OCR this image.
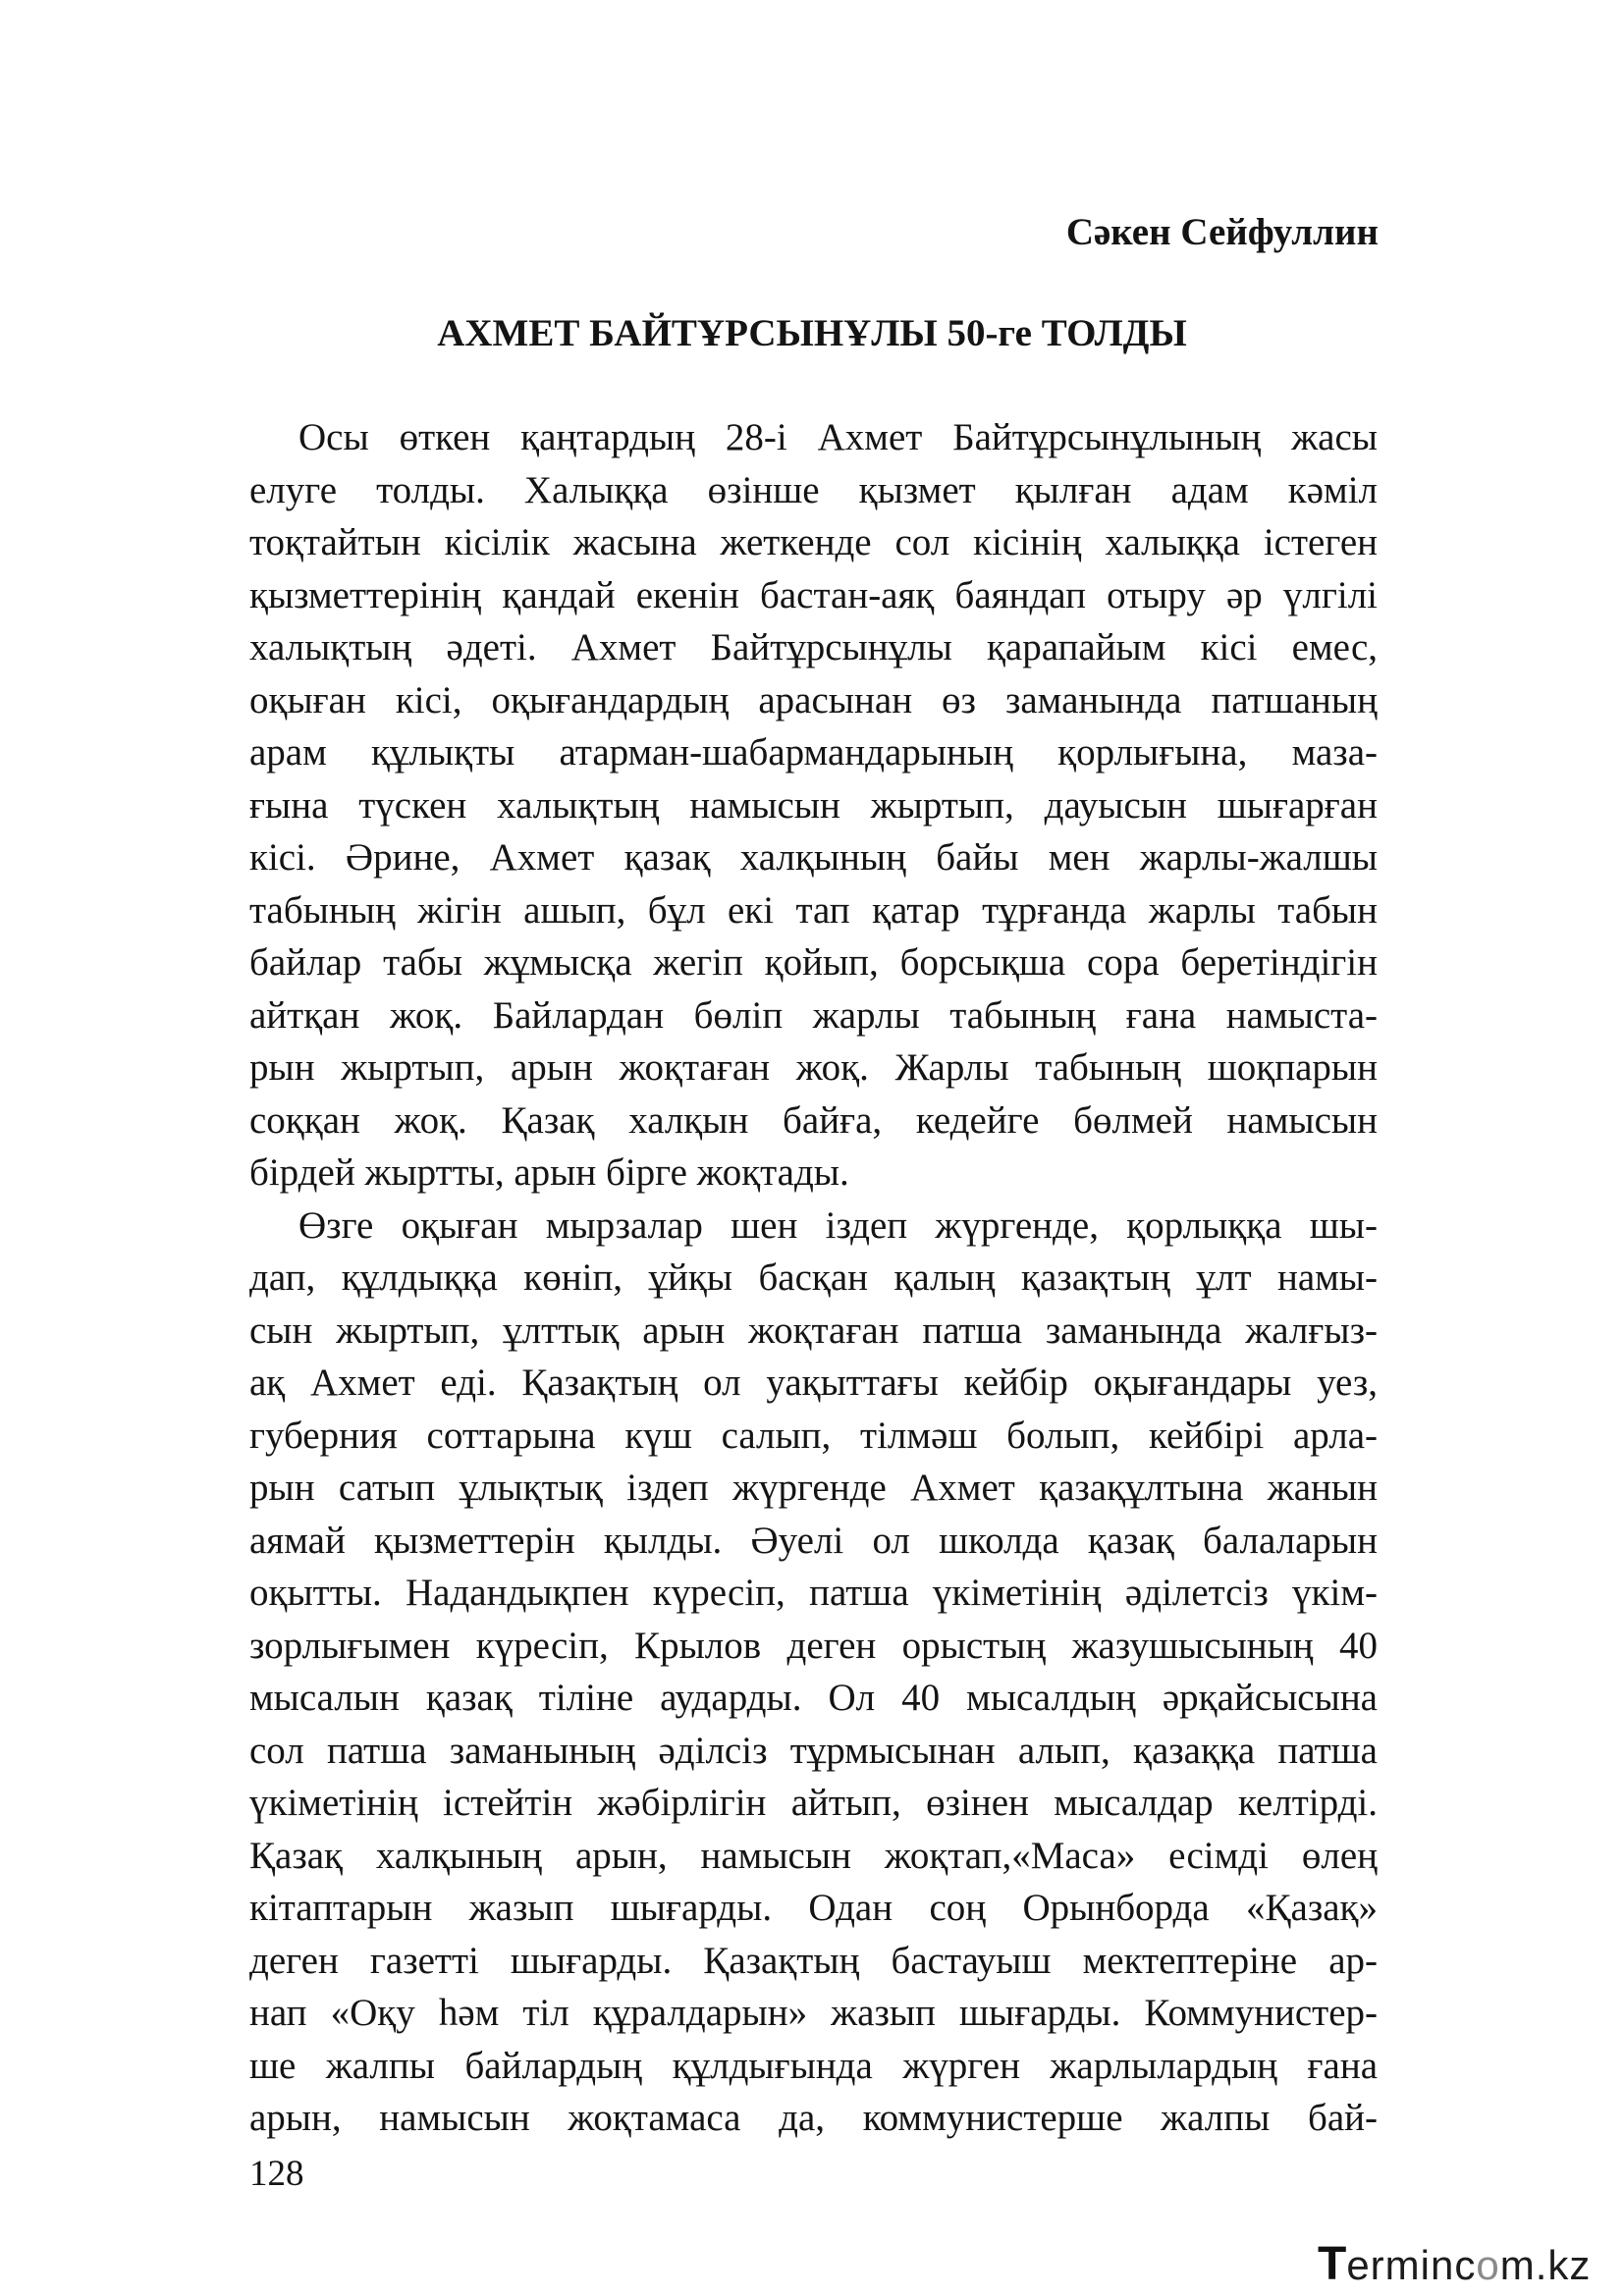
Сәкен Сейфуллин
АХМЕТ БАЙТҰРСЫНҰЛЫ 50-ге ТОЛДЫ
Осы өткен қаңтардың 28-і Ахмет Байтұрсынұлының жасы
елуге толды. Халыққа өзінше қызмет қылған адам кәміл
тоқтайтын кісілік жасына жеткенде сол кісінің халыққа істеген
қызметтерінің қандай екенін бастан-аяқ баяндап отыру әр үлгілі
халықтың әдеті. Ахмет Байтұрсынұлы қарапайым кісі емес,
оқыған кісі, оқығандардың арасынан өз заманында патшаның
арам құлықты атарман-шабармандарының қорлығына, маза-
ғына түскен халықтың намысын жыртып, дауысын шығарған
кісі. Әрине, Ахмет қазақ халқының байы мен жарлы-жалшы
табының жігін ашып, бұл екі тап қатар тұрғанда жарлы табын
байлар табы жұмысқа жегіп қойып, борсықша сора беретіндігін
айтқан жоқ. Байлардан бөліп жарлы табының ғана намыста-
рын жыртып, арын жоқтаған жоқ. Жарлы табының шоқпарын
соққан жоқ. Қазақ халқын байға, кедейге бөлмей намысын
бірдей жыртты, арын бірге жоқтады.
Өзге оқыған мырзалар шен іздеп жүргенде, қорлыққа шы-
дап, құлдыққа көніп, ұйқы басқан қалың қазақтың ұлт намы-
сын жыртып, ұлттық арын жоқтаған патша заманында жалғыз-
ақ Ахмет еді. Қазақтың ол уақыттағы кейбір оқығандары уез,
губерния соттарына күш салып, тілмәш болып, кейбірі арла-
рын сатып ұлықтық іздеп жүргенде Ахмет қазақұлтына жанын
аямай қызметтерін қылды. Әуелі ол школда қазақ балаларын
оқытты. Надандықпен күресіп, патша үкіметінің әділетсіз үкім-
зорлығымен күресіп, Крылов деген орыстың жазушысының 40
мысалын қазақ тіліне аударды. Ол 40 мысалдың әрқайсысына
сол патша заманының әділсіз тұрмысынан алып, қазаққа патша
үкіметінің істейтін жәбірлігін айтып, өзінен мысалдар келтірді.
Қазақ халқының арын, намысын жоқтап,«Маса» есімді өлең
кітаптарын жазып шығарды. Одан соң Орынборда «Қазақ»
деген газетті шығарды. Қазақтың бастауыш мектептеріне ар-
нап «Оқу һәм тіл құралдарын» жазып шығарды. Коммунистер-
ше жалпы байлардың құлдығында жүрген жарлылардың ғана
арын, намысын жоқтамаса да, коммунистерше жалпы бай-
128
Termincom.kz
